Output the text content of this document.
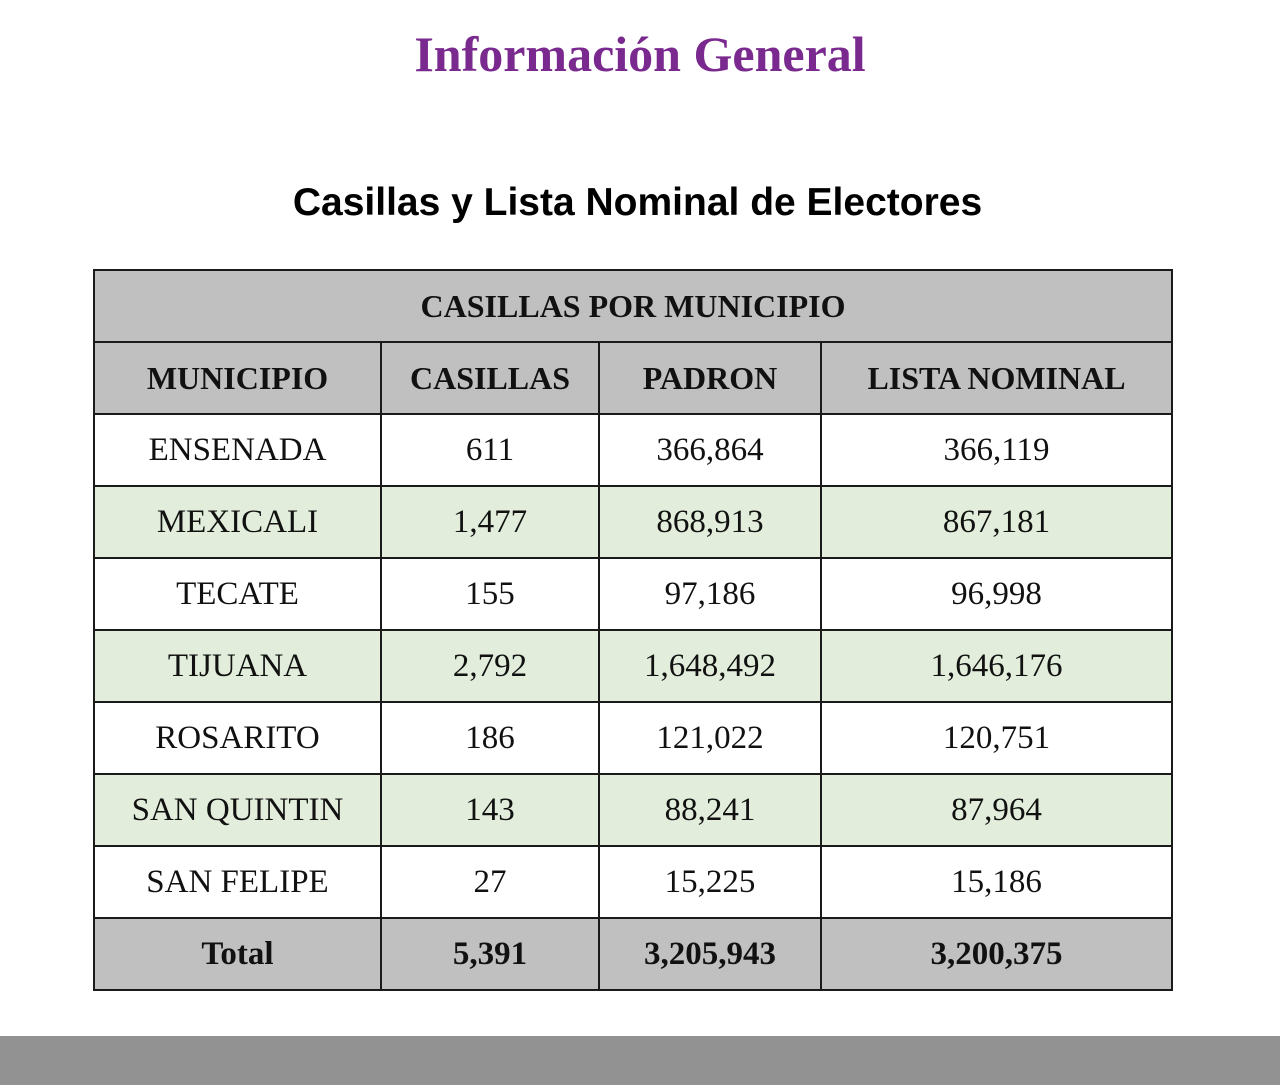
Información General
Casillas y Lista Nominal de Electores
CASILLAS POR MUNICIPIO			
MUNICIPIO	CASILLAS	PADRON	LISTA NOMINAL
ENSENADA	611	366,864	366,119
MEXICALI	1,477	868,913	867,181
TECATE	155	97,186	96,998
TIJUANA	2,792	1,648,492	1,646,176
ROSARITO	186	121,022	120,751
SAN QUINTIN	143	88,241	87,964
SAN FELIPE	27	15,225	15,186
Total	5,391	3,205,943	3,200,375
